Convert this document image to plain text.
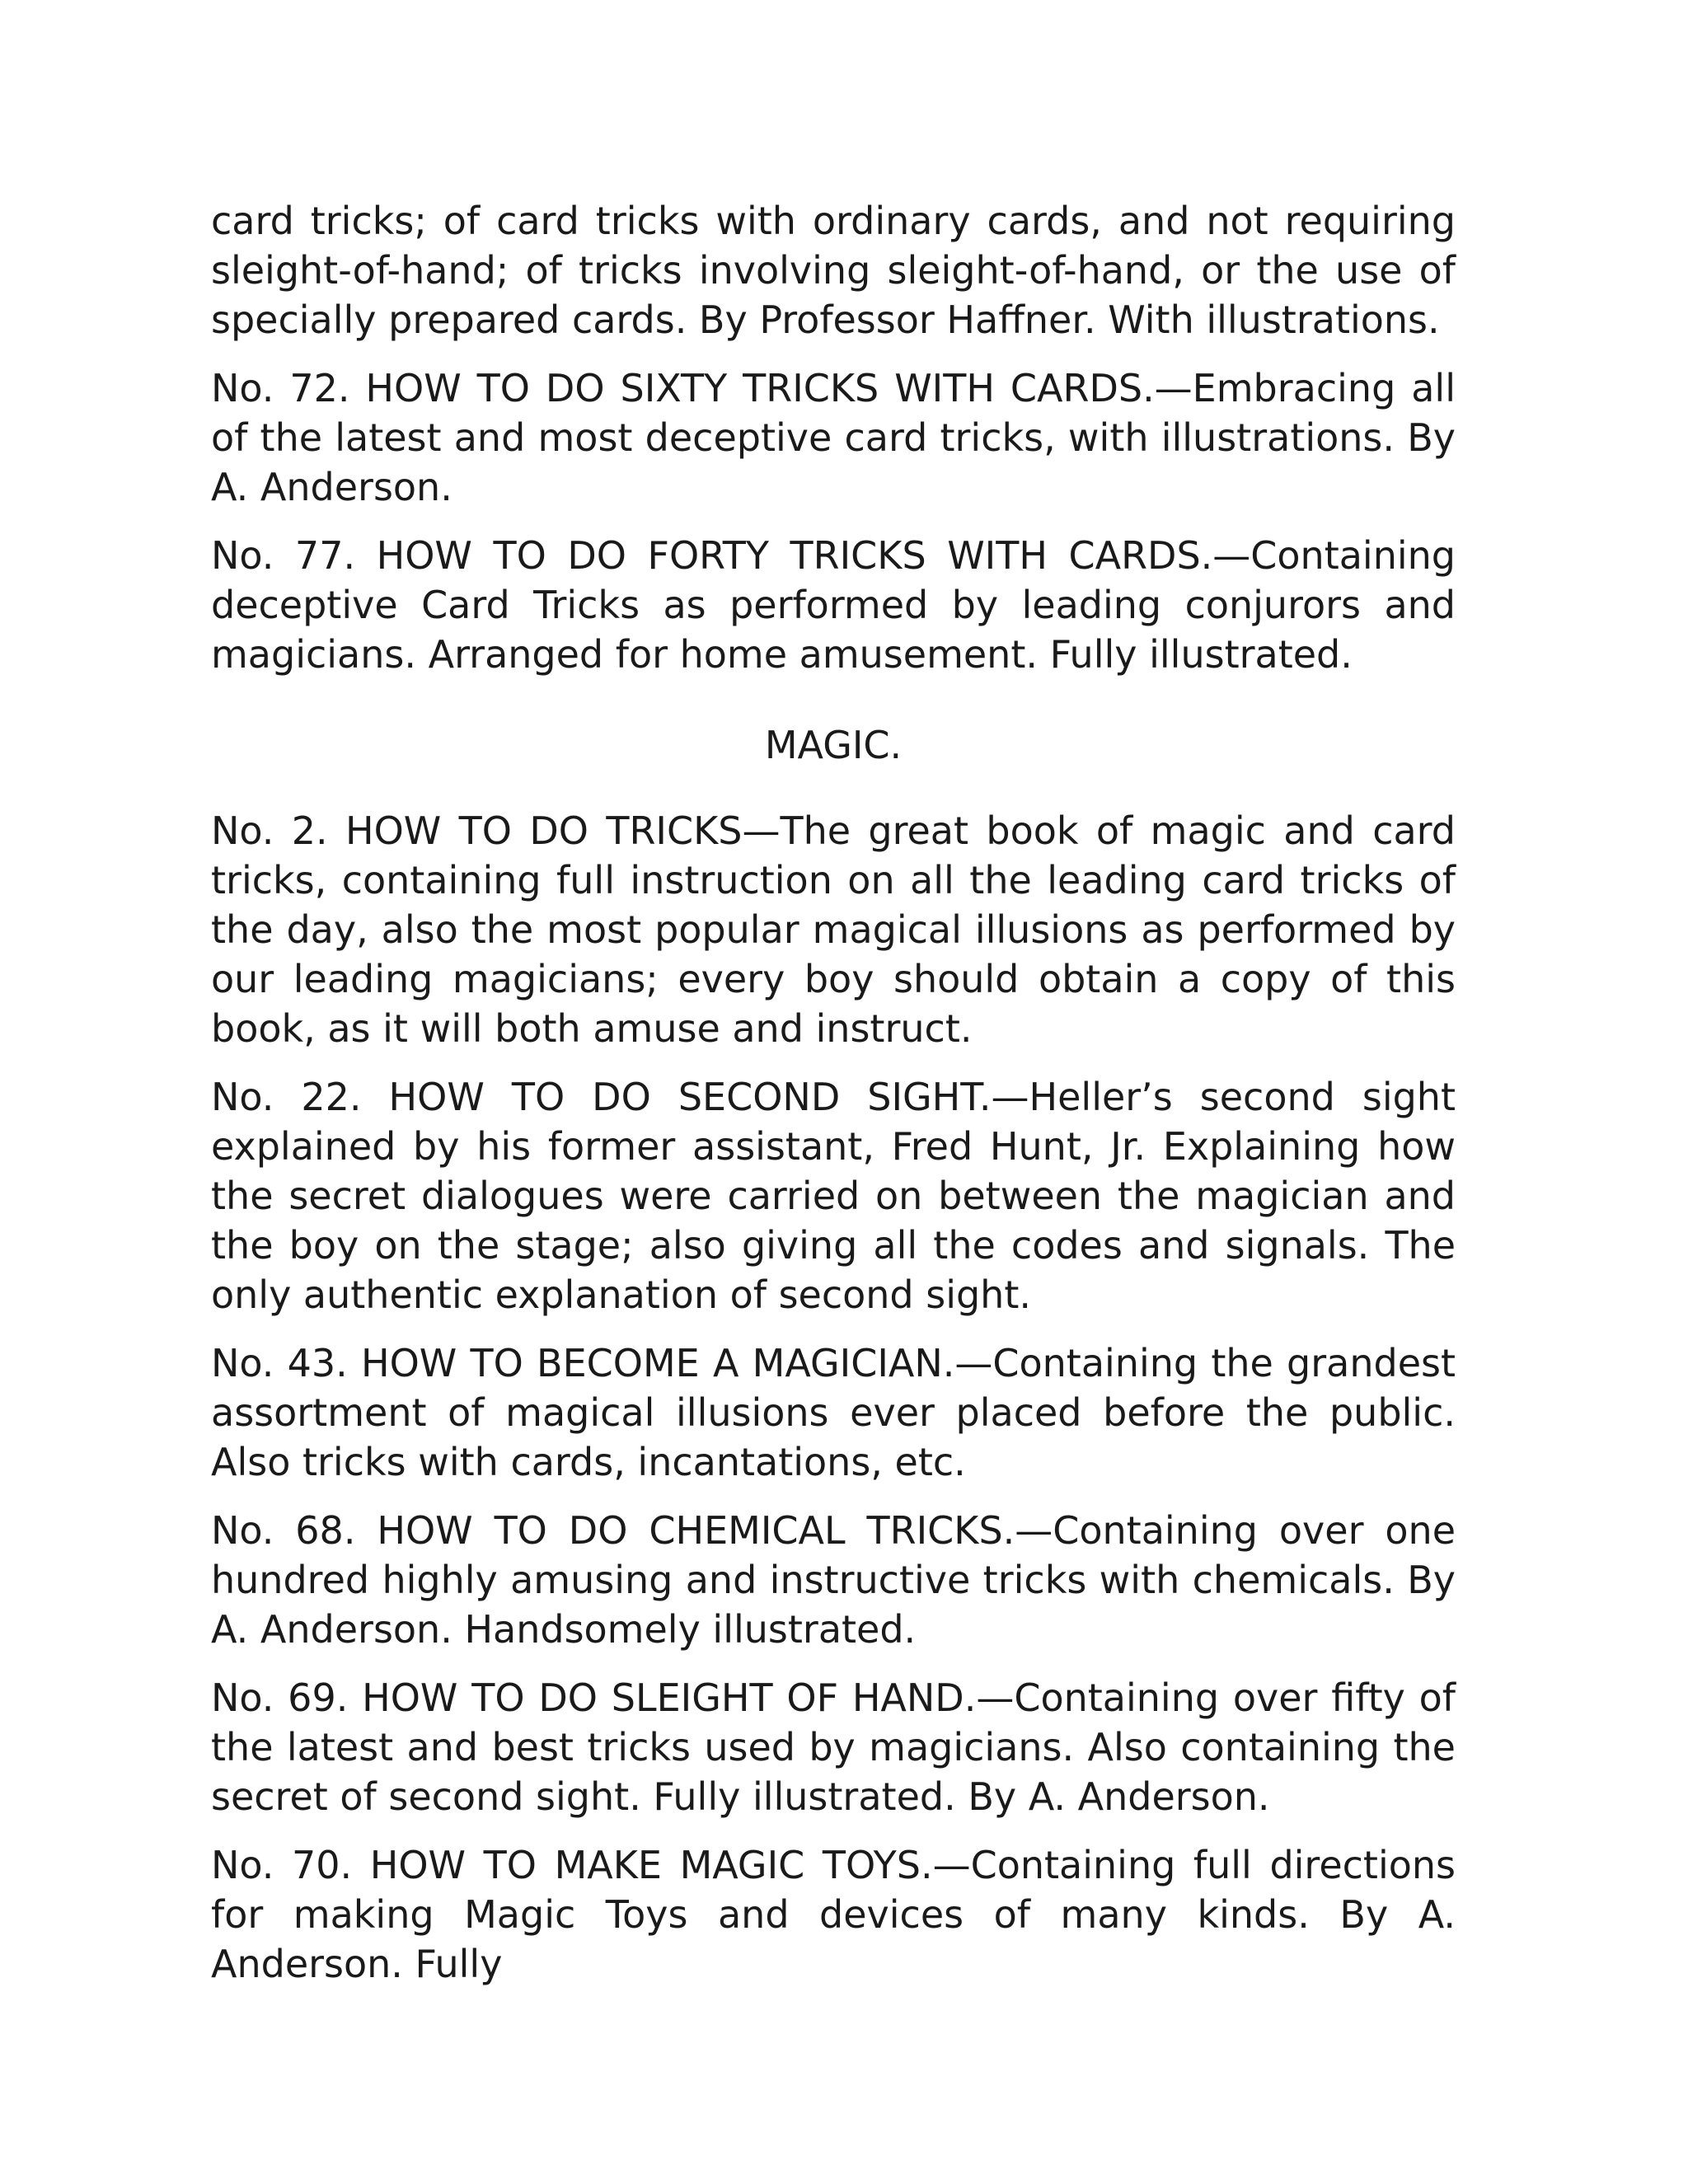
card tricks; of card tricks with ordinary cards, and not requiring sleight-of-hand; of tricks involving sleight-of-hand, or the use of specially prepared cards. By Professor Haffner. With illustrations.

No. 72. HOW TO DO SIXTY TRICKS WITH CARDS.—Embracing all of the latest and most deceptive card tricks, with illustrations. By A. Anderson.

No. 77. HOW TO DO FORTY TRICKS WITH CARDS.—Containing deceptive Card Tricks as performed by leading conjurors and magicians. Arranged for home amusement. Fully illustrated.

MAGIC.

No. 2. HOW TO DO TRICKS—The great book of magic and card tricks, containing full instruction on all the leading card tricks of the day, also the most popular magical illusions as performed by our leading magicians; every boy should obtain a copy of this book, as it will both amuse and instruct.

No. 22. HOW TO DO SECOND SIGHT.—Heller’s second sight explained by his former assistant, Fred Hunt, Jr. Explaining how the secret dialogues were carried on between the magician and the boy on the stage; also giving all the codes and signals. The only authentic explanation of second sight.

No. 43. HOW TO BECOME A MAGICIAN.—Containing the grandest assortment of magical illusions ever placed before the public. Also tricks with cards, incantations, etc.

No. 68. HOW TO DO CHEMICAL TRICKS.—Containing over one hundred highly amusing and instructive tricks with chemicals. By A. Anderson. Handsomely illustrated.

No. 69. HOW TO DO SLEIGHT OF HAND.—Containing over fifty of the latest and best tricks used by magicians. Also containing the secret of second sight. Fully illustrated. By A. Anderson.

No. 70. HOW TO MAKE MAGIC TOYS.—Containing full directions for making Magic Toys and devices of many kinds. By A. Anderson. Fully
